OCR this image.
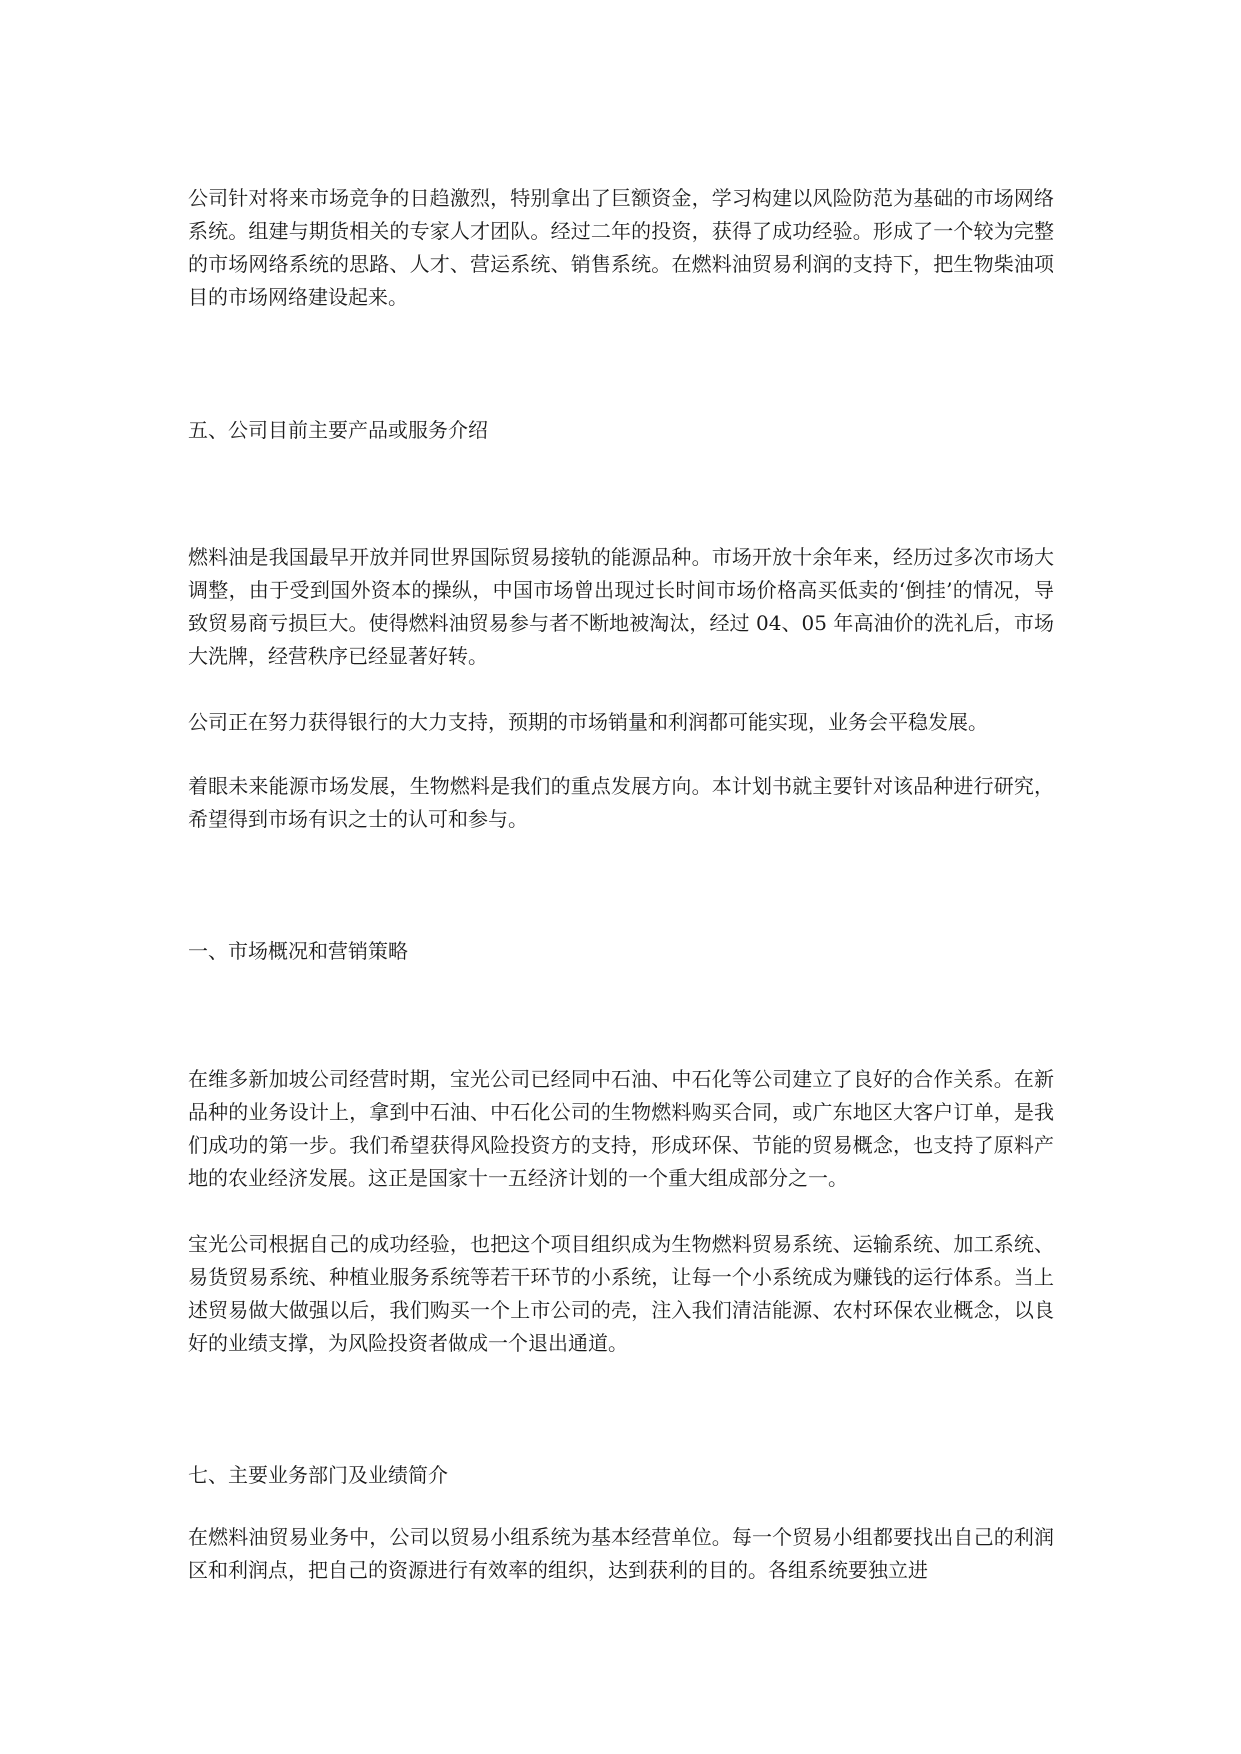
公司针对将来市场竞争的日趋激烈，特别拿出了巨额资金，学习构建以风险防范为基础的市场网络系统。组建与期货相关的专家人才团队。经过二年的投资，获得了成功经验。形成了一个较为完整的市场网络系统的思路、人才、营运系统、销售系统。在燃料油贸易利润的支持下，把生物柴油项目的市场网络建设起来。

五、公司目前主要产品或服务介绍

燃料油是我国最早开放并同世界国际贸易接轨的能源品种。市场开放十余年来，经历过多次市场大调整，由于受到国外资本的操纵，中国市场曾出现过长时间市场价格高买低卖的‘倒挂’的情况，导致贸易商亏损巨大。使得燃料油贸易参与者不断地被淘汰，经过 04、05 年高油价的洗礼后，市场大洗牌，经营秩序已经显著好转。

公司正在努力获得银行的大力支持，预期的市场销量和利润都可能实现，业务会平稳发展。

着眼未来能源市场发展，生物燃料是我们的重点发展方向。本计划书就主要针对该品种进行研究，希望得到市场有识之士的认可和参与。

一、市场概况和营销策略

在维多新加坡公司经营时期，宝光公司已经同中石油、中石化等公司建立了良好的合作关系。在新品种的业务设计上，拿到中石油、中石化公司的生物燃料购买合同，或广东地区大客户订单，是我们成功的第一步。我们希望获得风险投资方的支持，形成环保、节能的贸易概念，也支持了原料产地的农业经济发展。这正是国家十一五经济计划的一个重大组成部分之一。

宝光公司根据自己的成功经验，也把这个项目组织成为生物燃料贸易系统、运输系统、加工系统、易货贸易系统、种植业服务系统等若干环节的小系统，让每一个小系统成为赚钱的运行体系。当上述贸易做大做强以后，我们购买一个上市公司的壳，注入我们清洁能源、农村环保农业概念，以良好的业绩支撑，为风险投资者做成一个退出通道。

七、主要业务部门及业绩简介

在燃料油贸易业务中，公司以贸易小组系统为基本经营单位。每一个贸易小组都要找出自己的利润区和利润点，把自己的资源进行有效率的组织，达到获利的目的。各组系统要独立进
